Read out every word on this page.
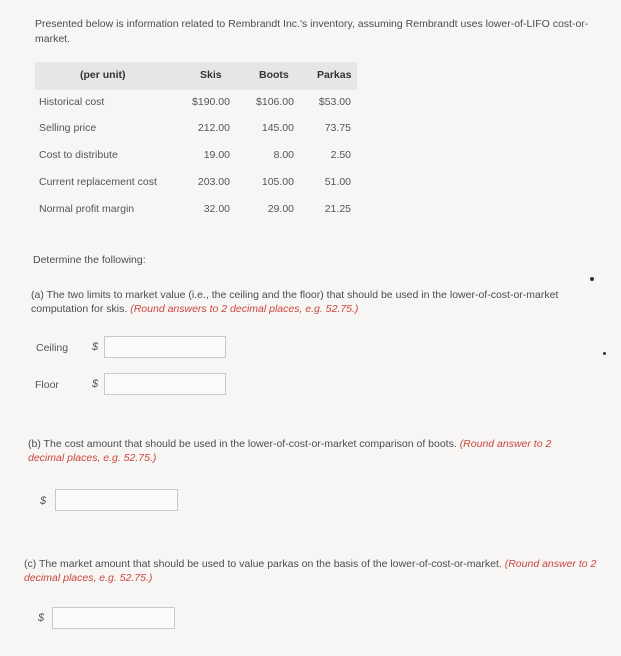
Presented below is information related to Rembrandt Inc.'s inventory, assuming Rembrandt uses lower-of-LIFO cost-or-market.
(per unit)	Skis	Boots	Parkas
Historical cost	$190.00	$106.00	$53.00
Selling price	212.00	145.00	73.75
Cost to distribute	19.00	8.00	2.50
Current replacement cost	203.00	105.00	51.00
Normal profit margin	32.00	29.00	21.25
Determine the following:
(a) The two limits to market value (i.e., the ceiling and the floor) that should be used in the lower-of-cost-or-market computation for skis. (Round answers to 2 decimal places, e.g. 52.75.)
Ceiling $
Floor	$
(b) The cost amount that should be used in the lower-of-cost-or-market comparison of boots. (Round answer to 2 decimal places, e.g. 52.75.)
$
(c) The market amount that should be used to value parkas on the basis of the lower-of-cost-or-market. (Round answer to 2 decimal places, e.g. 52.75.)
$
